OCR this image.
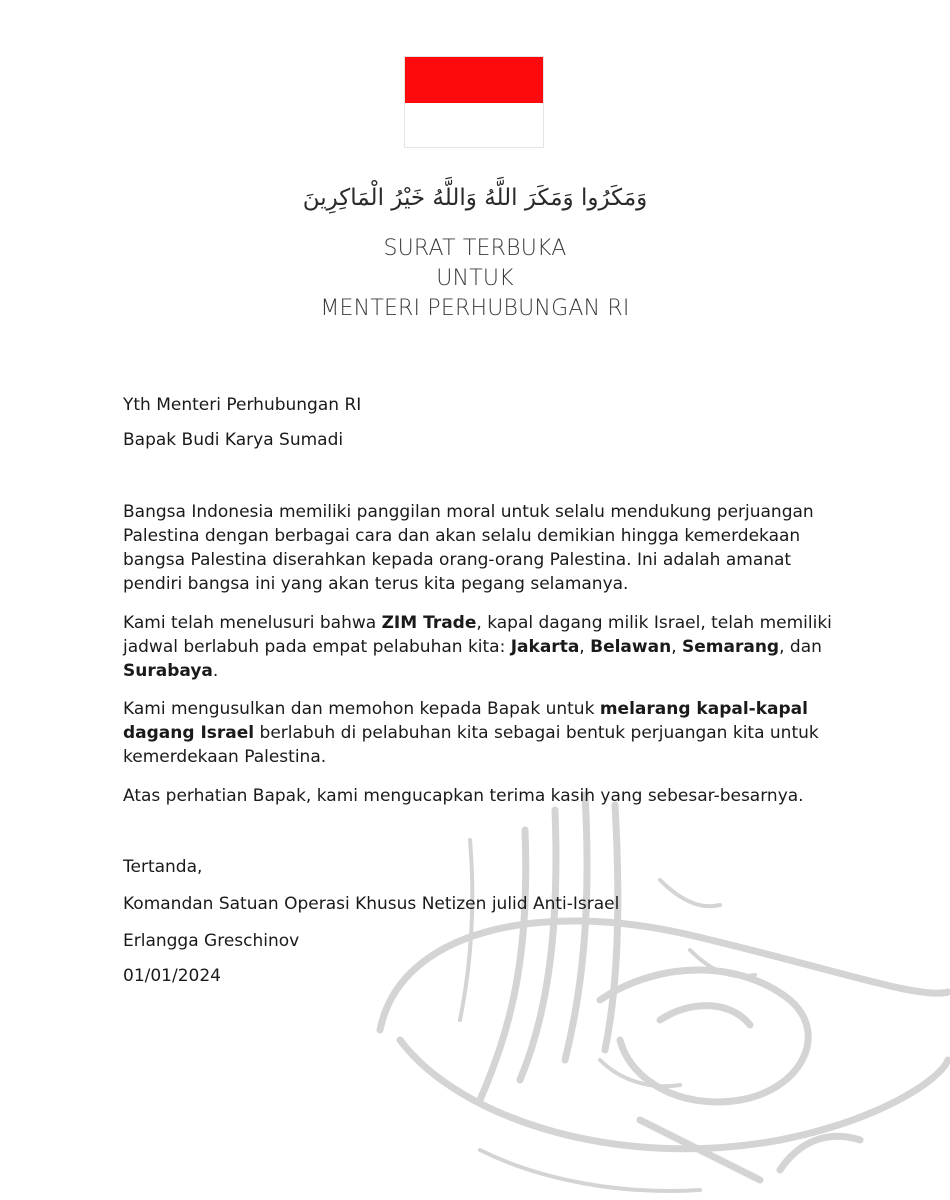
وَمَكَرُوا وَمَكَرَ اللَّهُ وَاللَّهُ خَيْرُ الْمَاكِرِينَ
SURAT TERBUKA
UNTUK
MENTERI PERHUBUNGAN RI
Yth Menteri Perhubungan RI
Bapak Budi Karya Sumadi

Bangsa Indonesia memiliki panggilan moral untuk selalu mendukung perjuangan Palestina dengan berbagai cara dan akan selalu demikian hingga kemerdekaan bangsa Palestina diserahkan kepada orang-orang Palestina. Ini adalah amanat pendiri bangsa ini yang akan terus kita pegang selamanya.

Kami telah menelusuri bahwa ZIM Trade, kapal dagang milik Israel, telah memiliki jadwal berlabuh pada empat pelabuhan kita: Jakarta, Belawan, Semarang, dan Surabaya.

Kami mengusulkan dan memohon kepada Bapak untuk melarang kapal-kapal dagang Israel berlabuh di pelabuhan kita sebagai bentuk perjuangan kita untuk kemerdekaan Palestina.

Atas perhatian Bapak, kami mengucapkan terima kasih yang sebesar-besarnya.

Tertanda,
Komandan Satuan Operasi Khusus Netizen julid Anti-Israel
Erlangga Greschinov
01/01/2024
